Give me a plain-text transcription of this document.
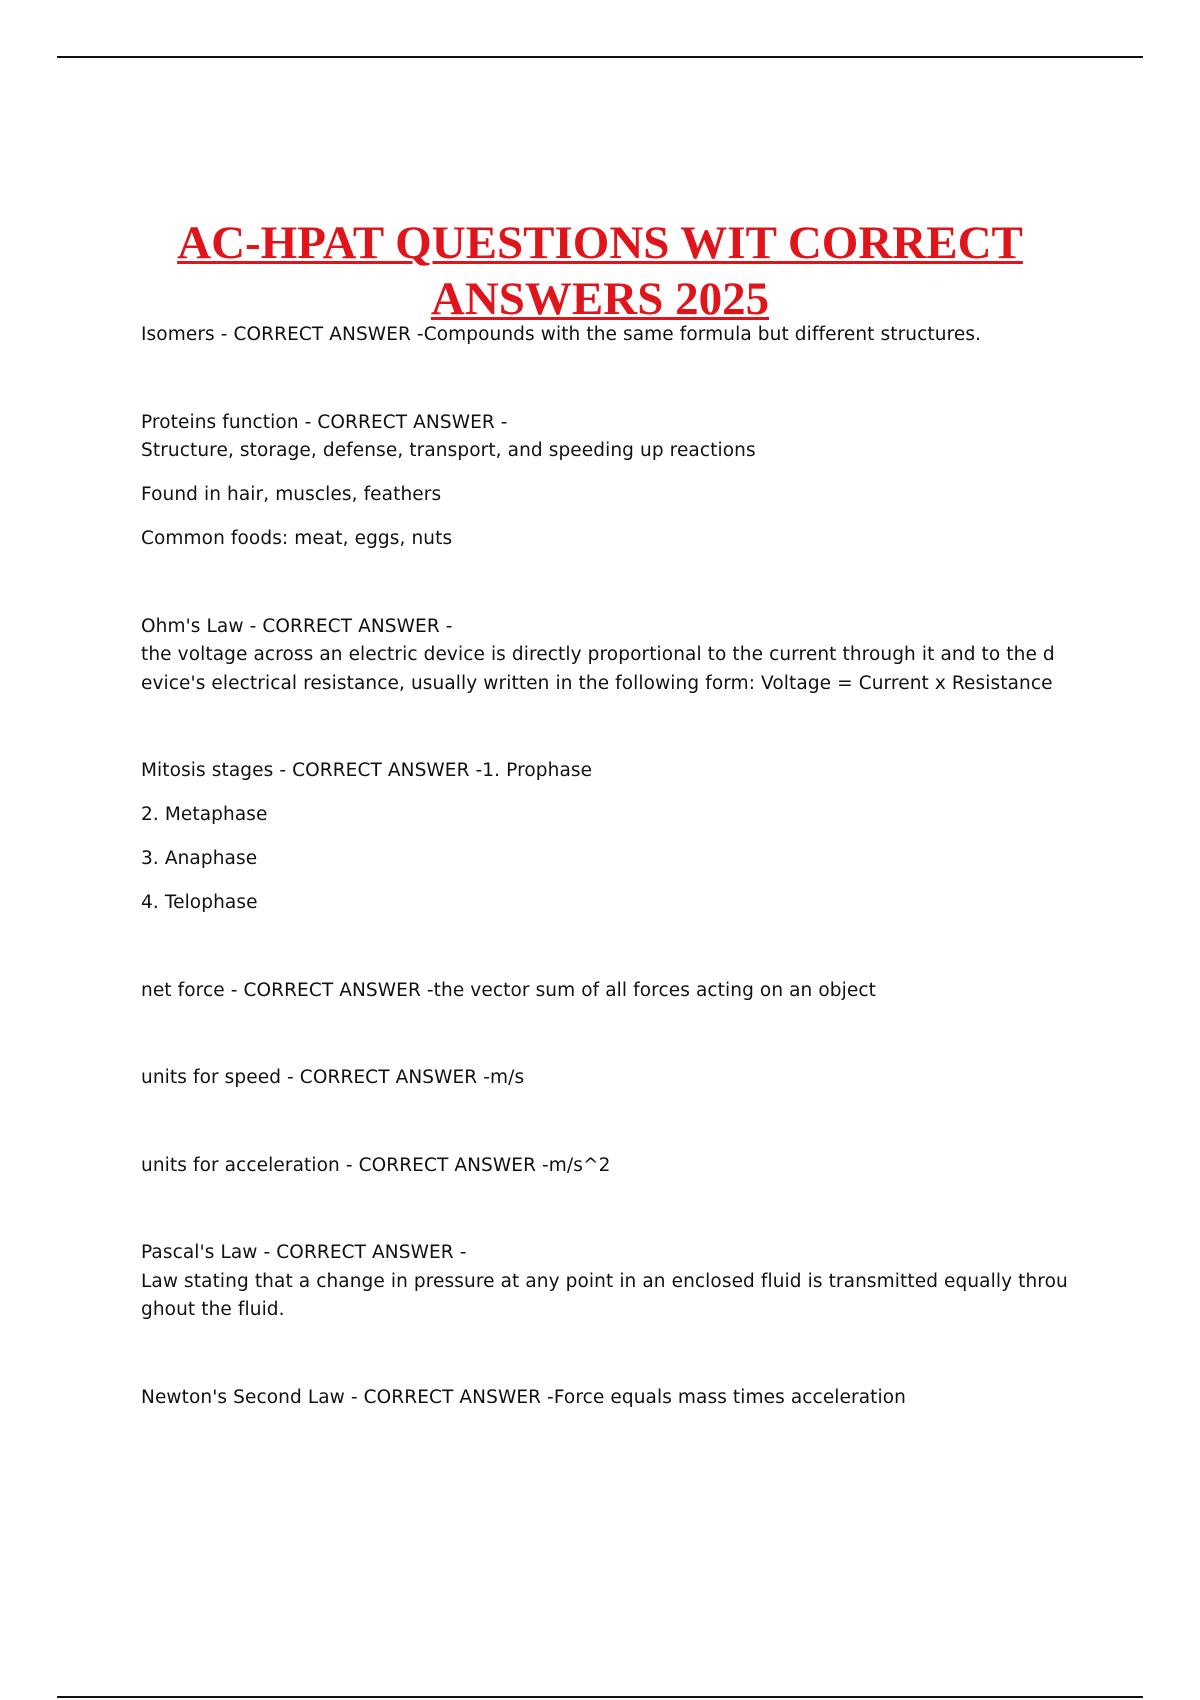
AC-HPAT QUESTIONS WIT CORRECT
ANSWERS 2025
Isomers - CORRECT ANSWER -Compounds with the same formula but different structures.
Proteins function - CORRECT ANSWER -
Structure, storage, defense, transport, and speeding up reactions
Found in hair, muscles, feathers
Common foods: meat, eggs, nuts
Ohm's Law - CORRECT ANSWER -
the voltage across an electric device is directly proportional to the current through it and to the d
evice's electrical resistance, usually written in the following form: Voltage = Current x Resistance
Mitosis stages - CORRECT ANSWER -1. Prophase
2. Metaphase
3. Anaphase
4. Telophase
net force - CORRECT ANSWER -the vector sum of all forces acting on an object
units for speed - CORRECT ANSWER -m/s
units for acceleration - CORRECT ANSWER -m/s^2
Pascal's Law - CORRECT ANSWER -
Law stating that a change in pressure at any point in an enclosed fluid is transmitted equally throu
ghout the fluid.
Newton's Second Law - CORRECT ANSWER -Force equals mass times acceleration
